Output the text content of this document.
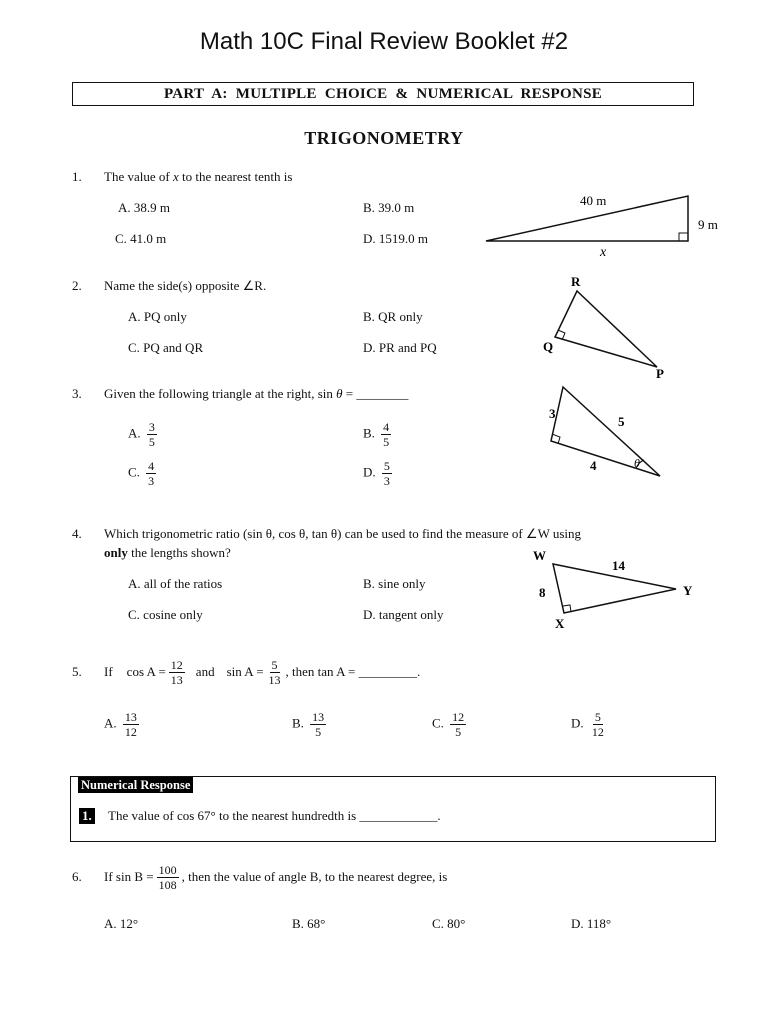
Math 10C Final Review Booklet #2
PART A: MULTIPLE CHOICE & NUMERICAL RESPONSE
TRIGONOMETRY
1. The value of x to the nearest tenth is
A. 38.9 m	B. 39.0 m
C. 41.0 m	D. 1519.0 m
40 m
9 m
x
2. Name the side(s) opposite ∠R.
A. PQ only	B. QR only
C. PQ and QR	D. PR and PQ
R
Q
P
3. Given the following triangle at the right, sin θ = ________
A. $\frac{3}{5}$	B. $\frac{4}{5}$
C. $\frac{4}{3}$	D. $\frac{5}{3}$
3
5
4	θ
4. Which trigonometric ratio (sin θ, cos θ, tan θ) can be used to find the measure of ∠W using
only the lengths shown?
A. all of the ratios	B. sine only
C. cosine only	D. tangent only
W
X
Y
14
8
5. If $\cos A = \frac{12}{13}$ and $\sin A = \frac{5}{13}$ , then tan A = _________.
A. $\frac{13}{12}$	B. $\frac{13}{5}$	C. $\frac{12}{5}$	D. $\frac{5}{12}$
Numerical Response
1. The value of cos 67° to the nearest hundredth is ____________.
6. If $\sin B = \frac{100}{108}$ , then the value of angle B, to the nearest degree, is
A. 12°	B. 68°	C. 80°	D. 118°
